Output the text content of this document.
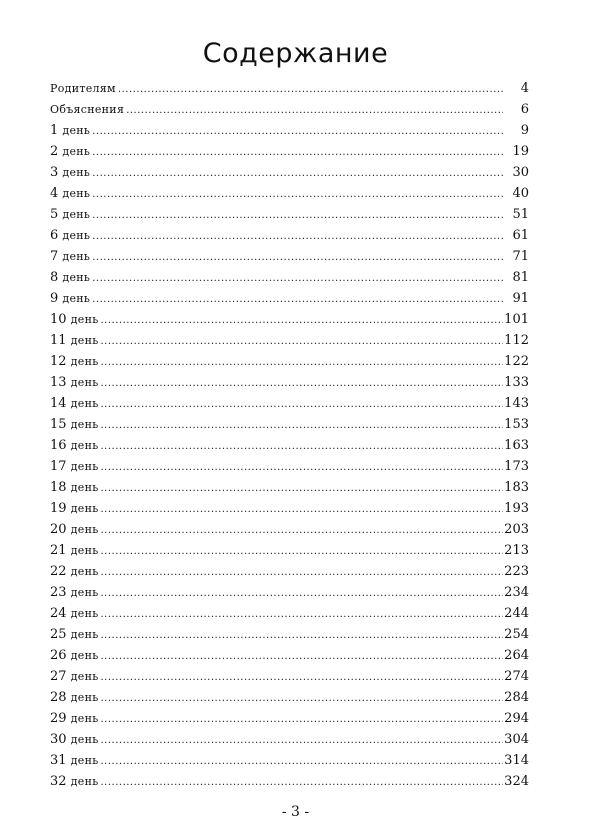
Содержание
Родителям .....	4
Объяснения .....	6
1 день .....	9
2 день .....	19
3 день .....	30
4 день .....	40
5 день .....	51
6 день .....	61
7 день .....	71
8 день .....	81
9 день .....	91
10 день .....	101
11 день .....	112
12 день .....	122
13 день .....	133
14 день .....	143
15 день .....	153
16 день .....	163
17 день .....	173
18 день .....	183
19 день .....	193
20 день .....	203
21 день .....	213
22 день .....	223
23 день .....	234
24 день .....	244
25 день .....	254
26 день .....	264
27 день .....	274
28 день .....	284
29 день .....	294
30 день .....	304
31 день .....	314
32 день .....	324
- 3 -
